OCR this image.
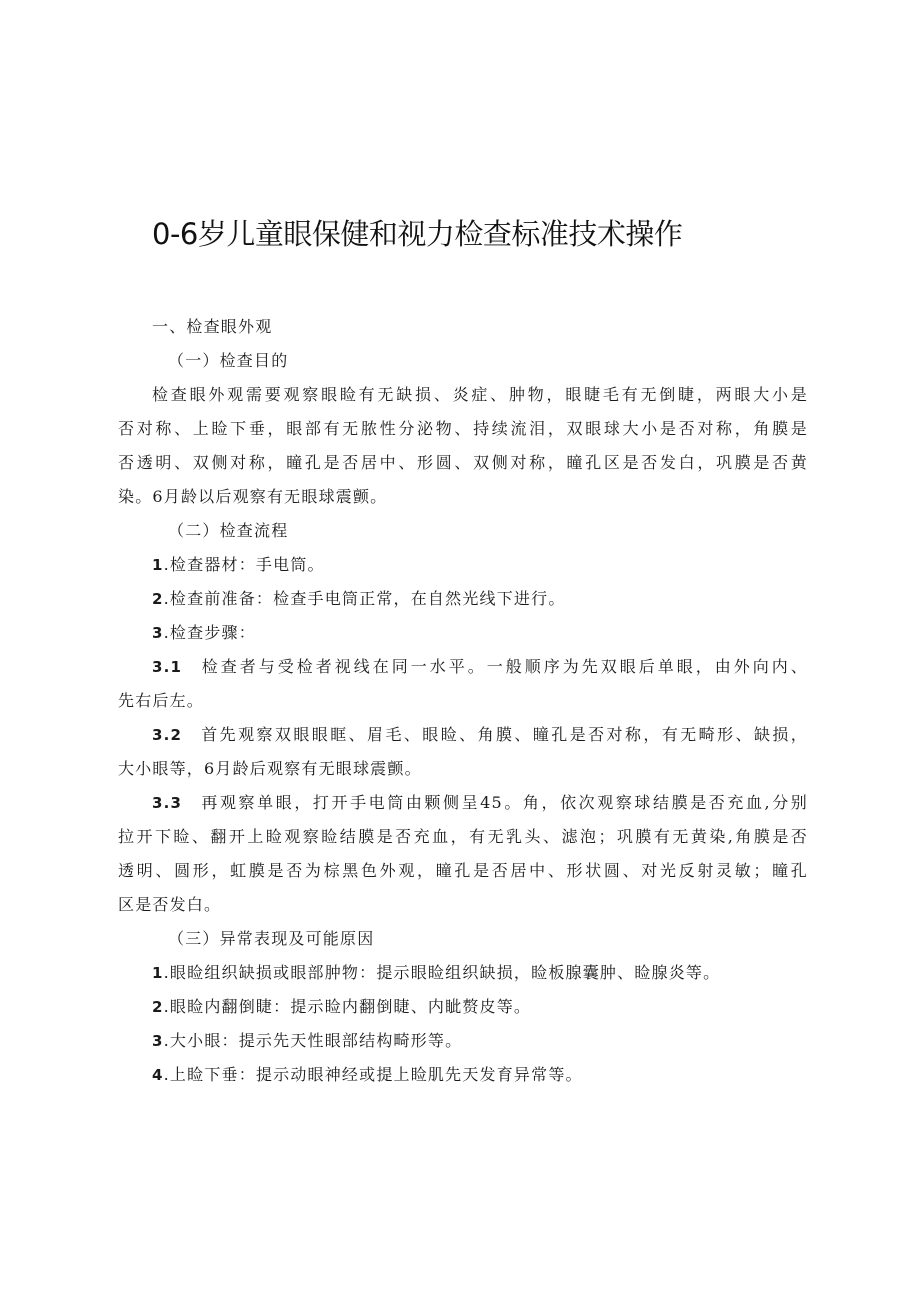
0-6岁儿童眼保健和视力检查标准技术操作

一、检查眼外观

（一）检查目的

检查眼外观需要观察眼睑有无缺损、炎症、肿物，眼睫毛有无倒睫，两眼大小是

否对称、上睑下垂，眼部有无脓性分泌物、持续流泪，双眼球大小是否对称，角膜是

否透明、双侧对称，瞳孔是否居中、形圆、双侧对称，瞳孔区是否发白，巩膜是否黄

染。6月龄以后观察有无眼球震颤。

（二）检查流程

1.检查器材：手电筒。

2.检查前准备：检查手电筒正常，在自然光线下进行。

3.检查步骤：

3.1 检查者与受检者视线在同一水平。一般顺序为先双眼后单眼，由外向内、

先右后左。

3.2 首先观察双眼眼眶、眉毛、眼睑、角膜、瞳孔是否对称，有无畸形、缺损，

大小眼等，6月龄后观察有无眼球震颤。

3.3 再观察单眼，打开手电筒由颗侧呈45。角，依次观察球结膜是否充血,分别

拉开下睑、翻开上睑观察睑结膜是否充血，有无乳头、滤泡；巩膜有无黄染,角膜是否

透明、圆形，虹膜是否为棕黑色外观，瞳孔是否居中、形状圆、对光反射灵敏；瞳孔

区是否发白。

（三）异常表现及可能原因

1.眼睑组织缺损或眼部肿物：提示眼睑组织缺损，睑板腺囊肿、睑腺炎等。

2.眼睑内翻倒睫：提示睑内翻倒睫、内眦赘皮等。

3.大小眼：提示先天性眼部结构畸形等。

4.上睑下垂：提示动眼神经或提上睑肌先天发育异常等。
